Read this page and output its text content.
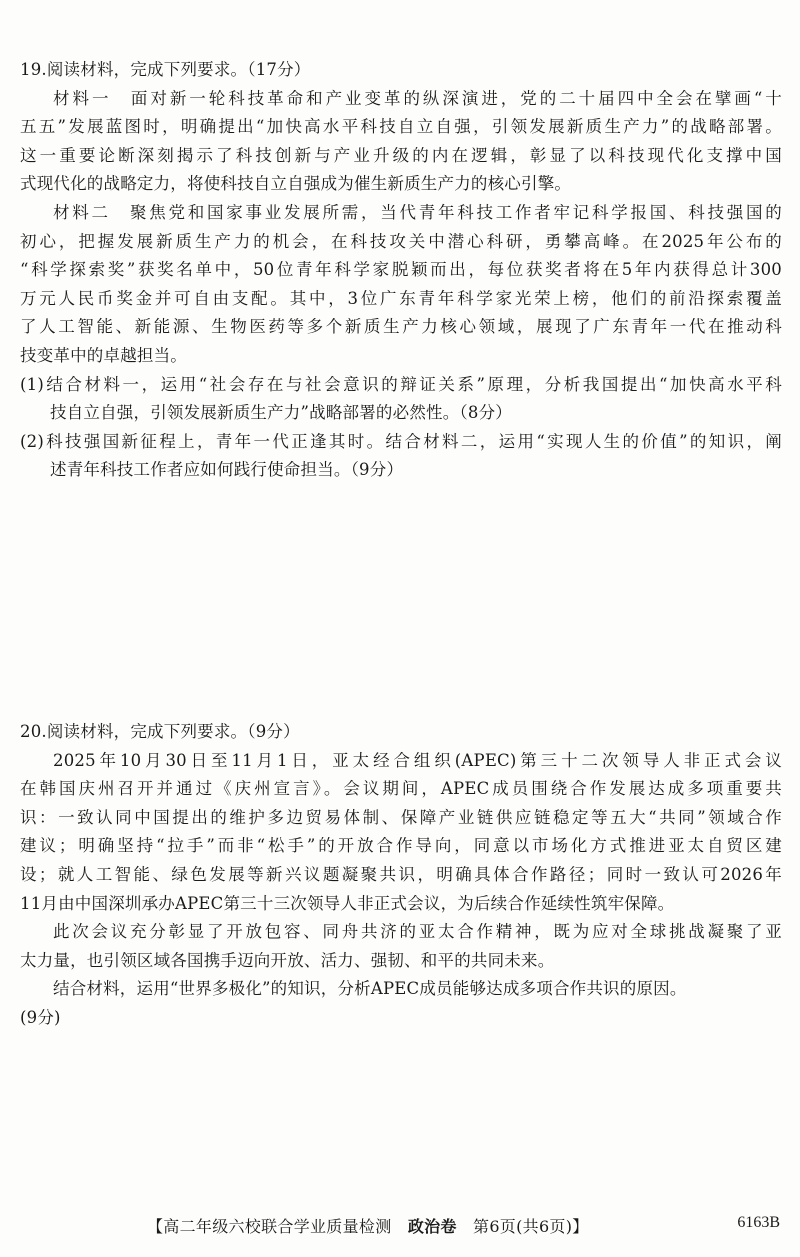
19.阅读材料，完成下列要求。（17分）
材料一　面对新一轮科技革命和产业变革的纵深演进，党的二十届四中全会在擘画“十
五五”发展蓝图时，明确提出“加快高水平科技自立自强，引领发展新质生产力”的战略部署。
这一重要论断深刻揭示了科技创新与产业升级的内在逻辑，彰显了以科技现代化支撑中国
式现代化的战略定力，将使科技自立自强成为催生新质生产力的核心引擎。
材料二　聚焦党和国家事业发展所需，当代青年科技工作者牢记科学报国、科技强国的
初心，把握发展新质生产力的机会，在科技攻关中潜心科研，勇攀高峰。在2025年公布的
“科学探索奖”获奖名单中，50位青年科学家脱颖而出，每位获奖者将在5年内获得总计300
万元人民币奖金并可自由支配。其中，3位广东青年科学家光荣上榜，他们的前沿探索覆盖
了人工智能、新能源、生物医药等多个新质生产力核心领域，展现了广东青年一代在推动科
技变革中的卓越担当。
(1)结合材料一，运用“社会存在与社会意识的辩证关系”原理，分析我国提出“加快高水平科
技自立自强，引领发展新质生产力”战略部署的必然性。（8分）
(2)科技强国新征程上，青年一代正逢其时。结合材料二，运用“实现人生的价值”的知识，阐
述青年科技工作者应如何践行使命担当。（9分）
20.阅读材料，完成下列要求。（9分）
2025年10月30日至11月1日，亚太经合组织(APEC)第三十二次领导人非正式会议
在韩国庆州召开并通过《庆州宣言》。会议期间，APEC成员围绕合作发展达成多项重要共
识：一致认同中国提出的维护多边贸易体制、保障产业链供应链稳定等五大“共同”领域合作
建议；明确坚持“拉手”而非“松手”的开放合作导向，同意以市场化方式推进亚太自贸区建
设；就人工智能、绿色发展等新兴议题凝聚共识，明确具体合作路径；同时一致认可2026年
11月由中国深圳承办APEC第三十三次领导人非正式会议，为后续合作延续性筑牢保障。
此次会议充分彰显了开放包容、同舟共济的亚太合作精神，既为应对全球挑战凝聚了亚
太力量，也引领区域各国携手迈向开放、活力、强韧、和平的共同未来。
结合材料，运用“世界多极化”的知识，分析APEC成员能够达成多项合作共识的原因。
(9分)
【高二年级六校联合学业质量检测　政治卷　第6页(共6页)】	6163B
